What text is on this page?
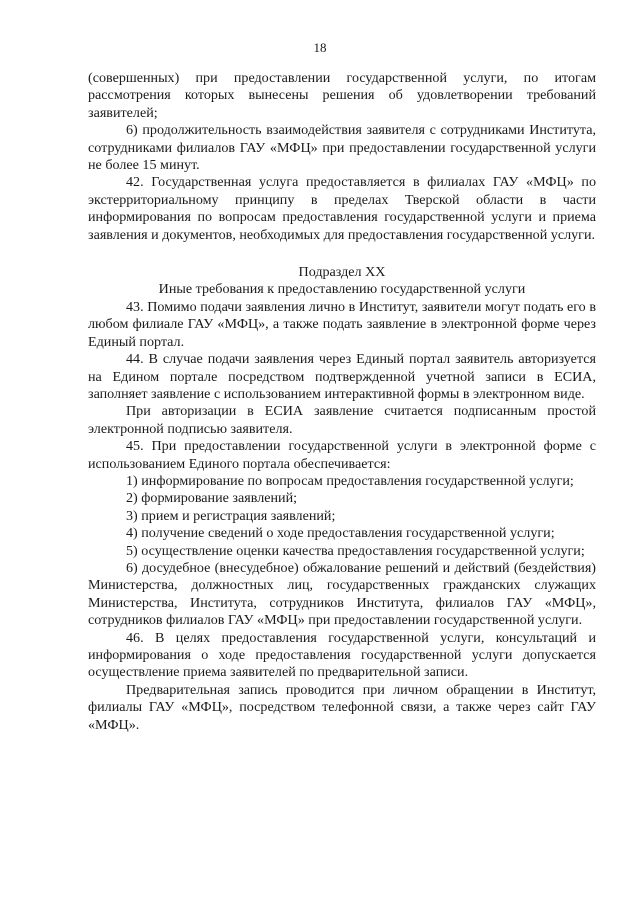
18

(совершенных) при предоставлении государственной услуги, по итогам рассмотрения которых вынесены решения об удовлетворении требований заявителей;

6) продолжительность взаимодействия заявителя с сотрудниками Института, сотрудниками филиалов ГАУ «МФЦ» при предоставлении государственной услуги не более 15 минут.

42. Государственная услуга предоставляется в филиалах ГАУ «МФЦ» по экстерриториальному принципу в пределах Тверской области в части информирования по вопросам предоставления государственной услуги и приема заявления и документов, необходимых для предоставления государственной услуги.

Подраздел XX

Иные требования к предоставлению государственной услуги

43. Помимо подачи заявления лично в Институт, заявители могут подать его в любом филиале ГАУ «МФЦ», а также подать заявление в электронной форме через Единый портал.

44. В случае подачи заявления через Единый портал заявитель авторизуется на Едином портале посредством подтвержденной учетной записи в ЕСИА, заполняет заявление с использованием интерактивной формы в электронном виде.

При авторизации в ЕСИА заявление считается подписанным простой электронной подписью заявителя.

45. При предоставлении государственной услуги в электронной форме с использованием Единого портала обеспечивается:

1) информирование по вопросам предоставления государственной услуги;

2) формирование заявлений;

3) прием и регистрация заявлений;

4) получение сведений о ходе предоставления государственной услуги;

5) осуществление оценки качества предоставления государственной услуги;

6) досудебное (внесудебное) обжалование решений и действий (бездействия) Министерства, должностных лиц, государственных гражданских служащих Министерства, Института, сотрудников Института, филиалов ГАУ «МФЦ», сотрудников филиалов ГАУ «МФЦ» при предоставлении государственной услуги.

46. В целях предоставления государственной услуги, консультаций и информирования о ходе предоставления государственной услуги допускается осуществление приема заявителей по предварительной записи.

Предварительная запись проводится при личном обращении в Институт, филиалы ГАУ «МФЦ», посредством телефонной связи, а также через сайт ГАУ «МФЦ».
